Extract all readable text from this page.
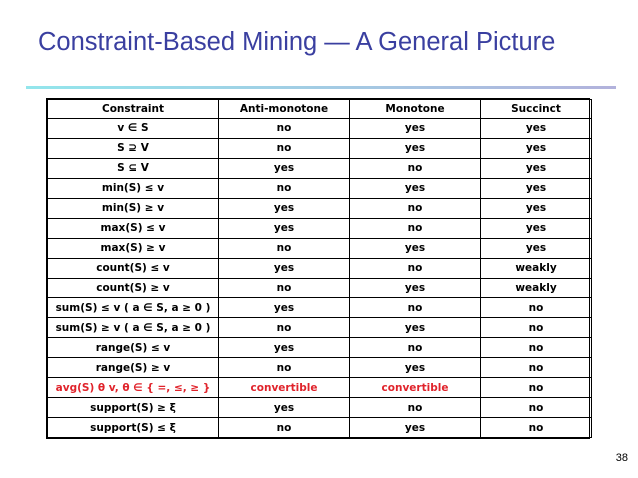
Constraint-Based Mining — A General Picture
Constraint	Anti-monotone	Monotone	Succinct
v ∈ S	no	yes	yes
S ⊇ V	no	yes	yes
S ⊆ V	yes	no	yes
min(S) ≤ v	no	yes	yes
min(S) ≥ v	yes	no	yes
max(S) ≤ v	yes	no	yes
max(S) ≥ v	no	yes	yes
count(S) ≤ v	yes	no	weakly
count(S) ≥ v	no	yes	weakly
sum(S) ≤ v ( a ∈ S, a ≥ 0 )	yes	no	no
sum(S) ≥ v ( a ∈ S, a ≥ 0 )	no	yes	no
range(S) ≤ v	yes	no	no
range(S) ≥ v	no	yes	no
avg(S) θ v, θ ∈ { =, ≤, ≥ }	convertible	convertible	no
support(S) ≥ ξ	yes	no	no
support(S) ≤ ξ	no	yes	no
38
